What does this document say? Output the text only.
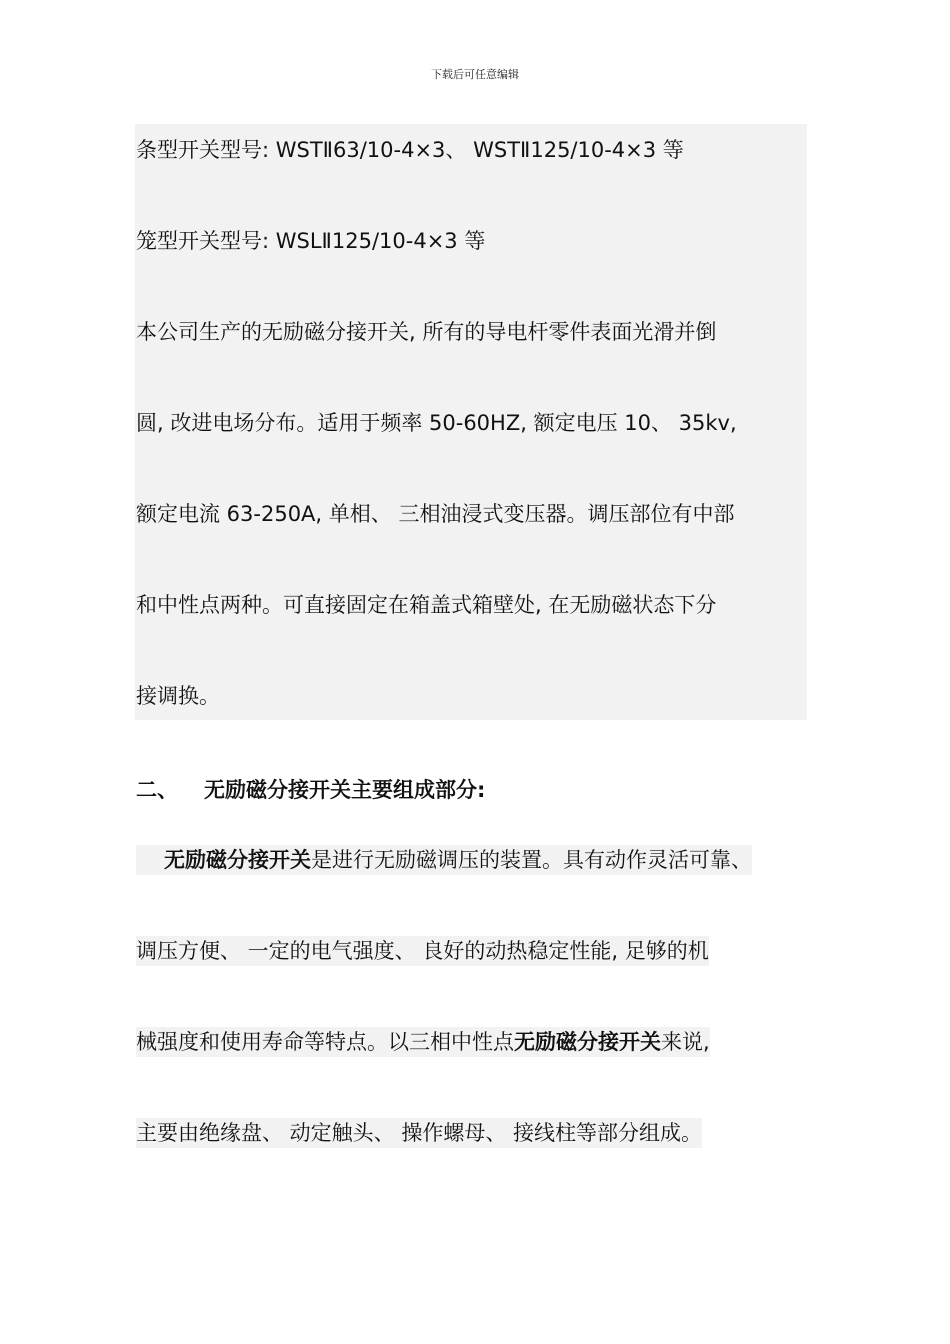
下载后可任意编辑
条型开关型号: WSTⅡ63/10-4×3、 WSTⅡ125/10-4×3 等
笼型开关型号: WSLⅡ125/10-4×3 等
本公司生产的无励磁分接开关, 所有的导电杆零件表面光滑并倒
圆, 改进电场分布。适用于频率 50-60HZ, 额定电压 10、 35kv,
额定电流 63-250A, 单相、 三相油浸式变压器。调压部位有中部
和中性点两种。可直接固定在箱盖式箱壁处, 在无励磁状态下分
接调换。
二、 无励磁分接开关主要组成部分:
无励磁分接开关是进行无励磁调压的装置。具有动作灵活可靠、
调压方便、 一定的电气强度、 良好的动热稳定性能, 足够的机
械强度和使用寿命等特点。以三相中性点无励磁分接开关来说,
主要由绝缘盘、 动定触头、 操作螺母、 接线柱等部分组成。
